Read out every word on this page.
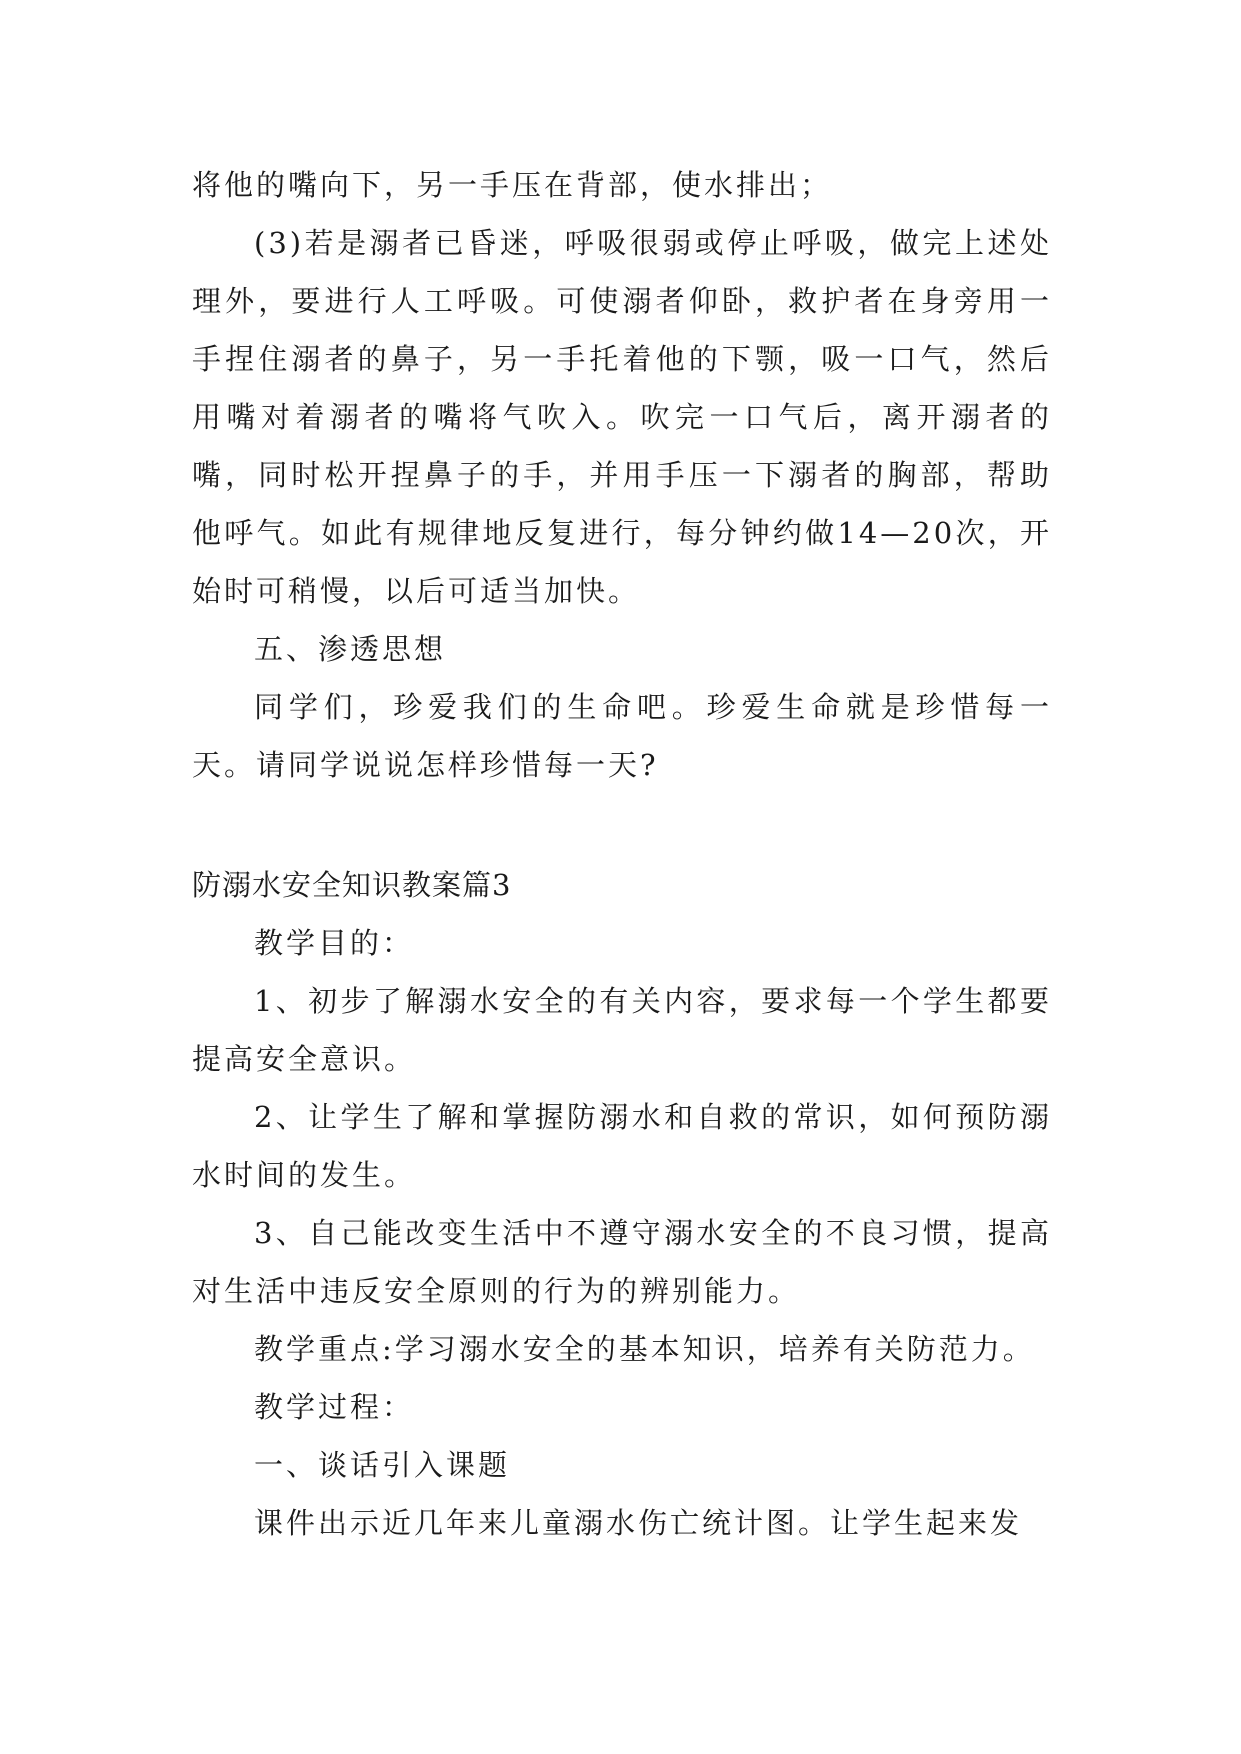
将他的嘴向下，另一手压在背部，使水排出；

(3)若是溺者已昏迷，呼吸很弱或停止呼吸，做完上述处理外，要进行人工呼吸。可使溺者仰卧，救护者在身旁用一手捏住溺者的鼻子，另一手托着他的下颚，吸一口气，然后用嘴对着溺者的嘴将气吹入。吹完一口气后，离开溺者的嘴，同时松开捏鼻子的手，并用手压一下溺者的胸部，帮助他呼气。如此有规律地反复进行，每分钟约做14—20次，开始时可稍慢，以后可适当加快。

五、渗透思想

同学们，珍爱我们的生命吧。珍爱生命就是珍惜每一天。请同学说说怎样珍惜每一天?

防溺水安全知识教案篇3

教学目的：

1、初步了解溺水安全的有关内容，要求每一个学生都要提高安全意识。

2、让学生了解和掌握防溺水和自救的常识，如何预防溺水时间的发生。

3、自己能改变生活中不遵守溺水安全的不良习惯，提高对生活中违反安全原则的行为的辨别能力。

教学重点:学习溺水安全的基本知识，培养有关防范力。

教学过程：

一、谈话引入课题

课件出示近几年来儿童溺水伤亡统计图。让学生起来发
